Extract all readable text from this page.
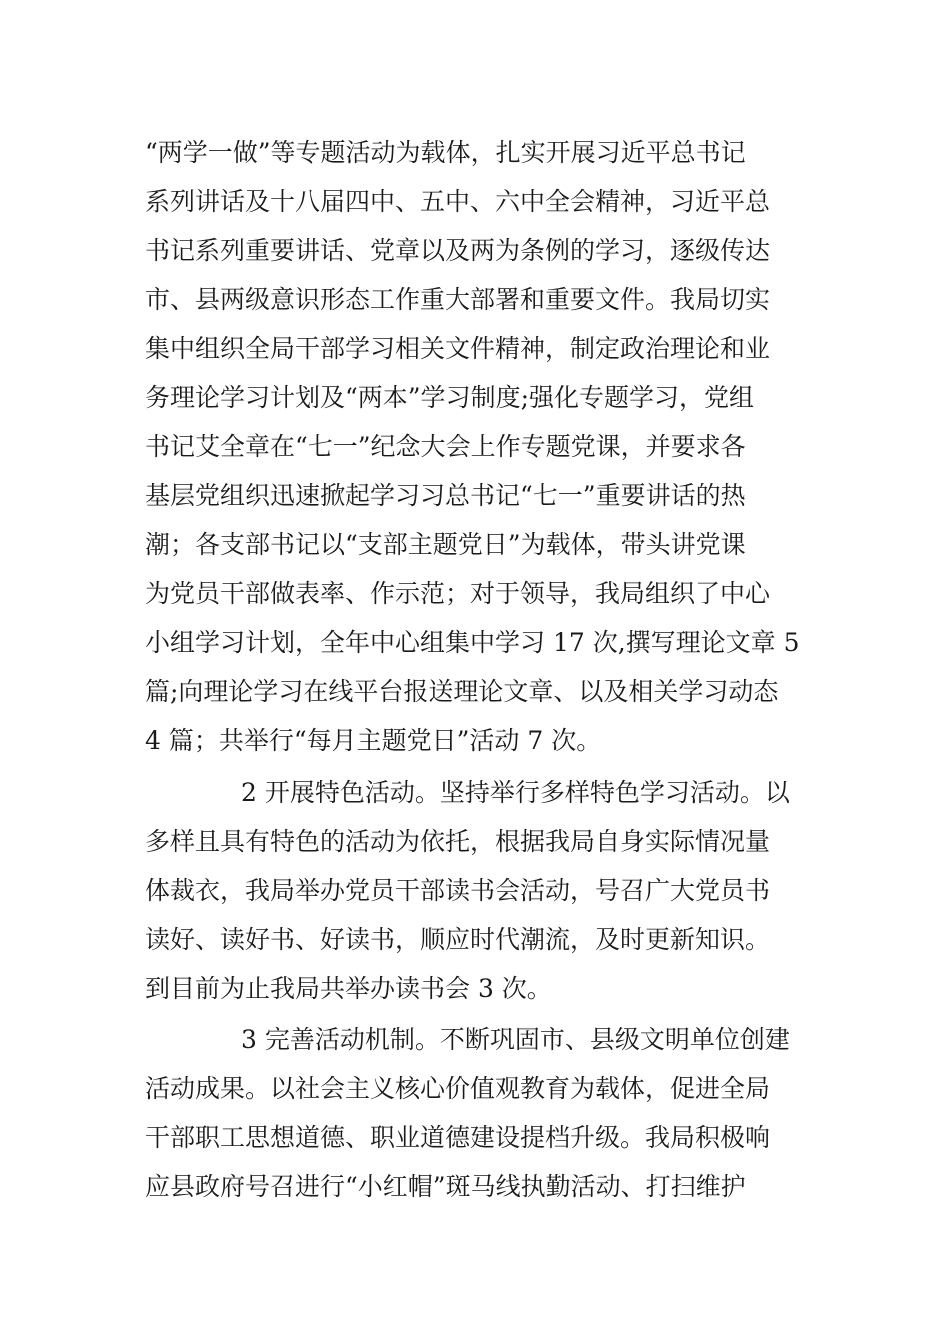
“两学一做”等专题活动为载体，扎实开展习近平总书记
系列讲话及十八届四中、五中、六中全会精神，习近平总
书记系列重要讲话、党章以及两为条例的学习，逐级传达
市、县两级意识形态工作重大部署和重要文件。我局切实
集中组织全局干部学习相关文件精神，制定政治理论和业
务理论学习计划及“两本”学习制度;强化专题学习，党组
书记艾全章在“七一”纪念大会上作专题党课，并要求各
基层党组织迅速掀起学习习总书记“七一”重要讲话的热
潮；各支部书记以“支部主题党日”为载体，带头讲党课
为党员干部做表率、作示范；对于领导，我局组织了中心
小组学习计划，全年中心组集中学习 17 次,撰写理论文章 5
篇;向理论学习在线平台报送理论文章、以及相关学习动态
4 篇；共举行“每月主题党日”活动 7 次。
2 开展特色活动。坚持举行多样特色学习活动。以
多样且具有特色的活动为依托，根据我局自身实际情况量
体裁衣，我局举办党员干部读书会活动，号召广大党员书
读好、读好书、好读书，顺应时代潮流，及时更新知识。
到目前为止我局共举办读书会 3 次。
3 完善活动机制。不断巩固市、县级文明单位创建
活动成果。以社会主义核心价值观教育为载体，促进全局
干部职工思想道德、职业道德建设提档升级。我局积极响
应县政府号召进行“小红帽”斑马线执勤活动、打扫维护
